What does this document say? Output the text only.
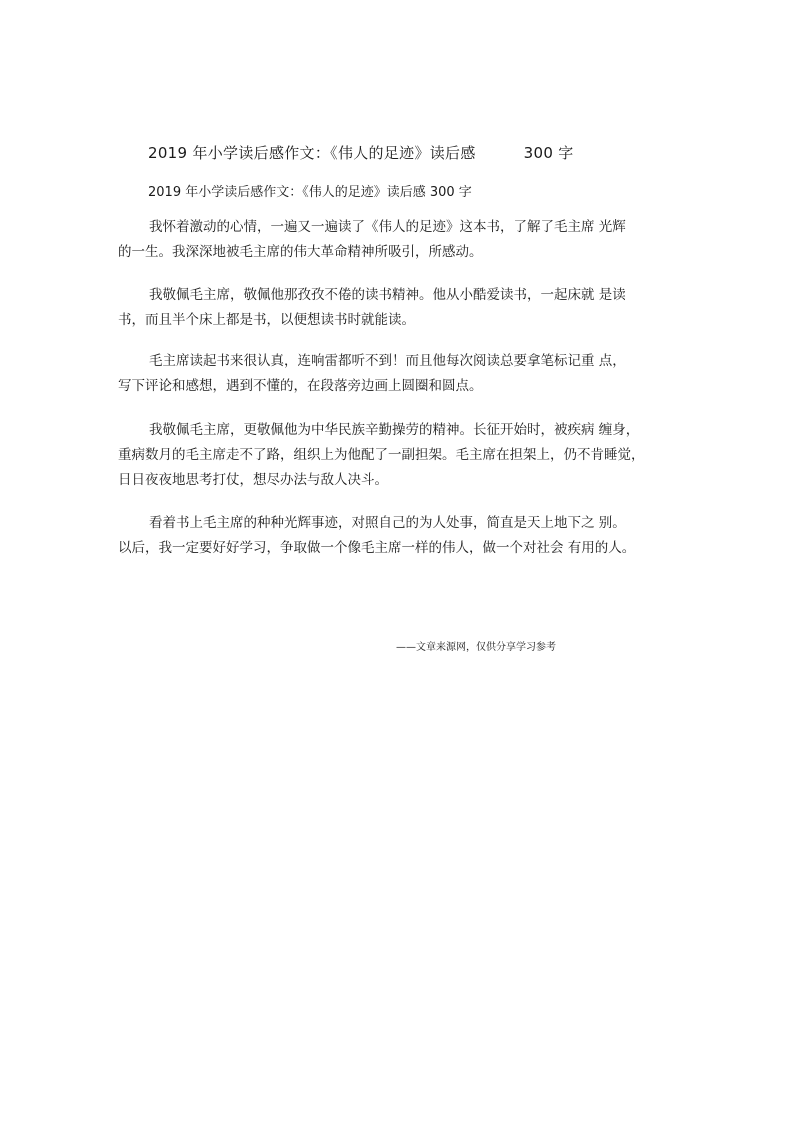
2019 年小学读后感作文：《伟人的足迹》读后感	300 字
2019 年小学读后感作文：《伟人的足迹》读后感 300 字
我怀着激动的心情，一遍又一遍读了《伟人的足迹》这本书，了解了毛主席 光辉
的一生。我深深地被毛主席的伟大革命精神所吸引，所感动。
我敬佩毛主席，敬佩他那孜孜不倦的读书精神。他从小酷爱读书，一起床就 是读
书，而且半个床上都是书，以便想读书时就能读。
毛主席读起书来很认真，连响雷都听不到！而且他每次阅读总要拿笔标记重 点，
写下评论和感想，遇到不懂的，在段落旁边画上圆圈和圆点。
我敬佩毛主席，更敬佩他为中华民族辛勤操劳的精神。长征开始时，被疾病 缠身，
重病数月的毛主席走不了路，组织上为他配了一副担架。毛主席在担架上，仍不肯睡觉，
日日夜夜地思考打仗，想尽办法与敌人决斗。
看着书上毛主席的种种光辉事迹，对照自己的为人处事，简直是天上地下之 别。
以后，我一定要好好学习，争取做一个像毛主席一样的伟人，做一个对社会 有用的人。
——文章来源网，仅供分享学习参考
